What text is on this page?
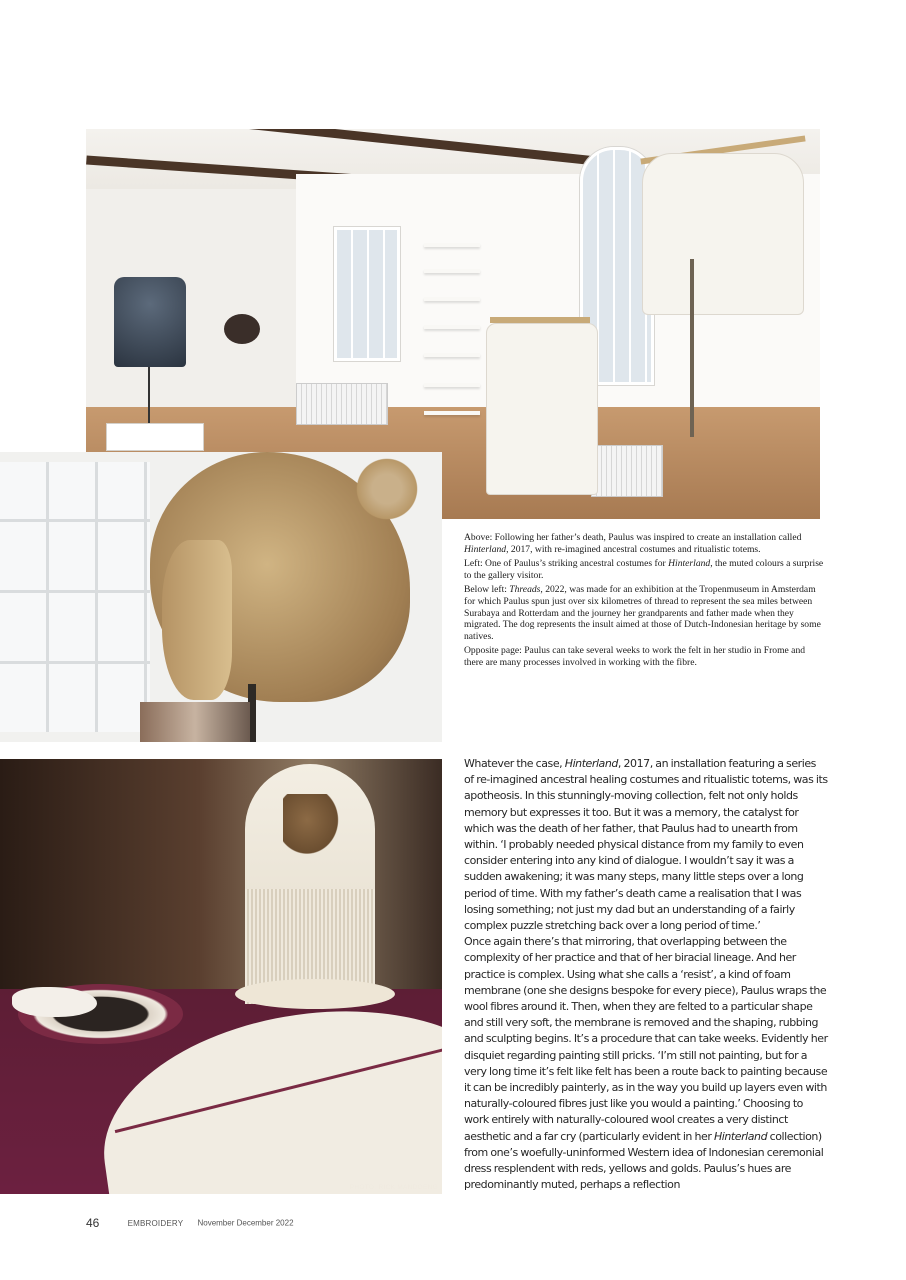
PHOTO: RICK MANDOENG

Above: Following her father’s death, Paulus was inspired to create an installation called Hinterland, 2017, with re-imagined ancestral costumes and ritualistic totems.

Left: One of Paulus’s striking ancestral costumes for Hinterland, the muted colours a surprise to the gallery visitor.

Below left: Threads, 2022, was made for an exhibition at the Tropenmuseum in Amsterdam for which Paulus spun just over six kilometres of thread to represent the sea miles between Surabaya and Rotterdam and the journey her grandparents and father made when they migrated. The dog represents the insult aimed at those of Dutch-Indonesian heritage by some natives.

Opposite page: Paulus can take several weeks to work the felt in her studio in Frome and there are many processes involved in working with the fibre.

Whatever the case, Hinterland, 2017, an installation featuring a series of re-imagined ancestral healing costumes and ritualistic totems, was its apotheosis. In this stunningly-moving collection, felt not only holds memory but expresses it too. But it was a memory, the catalyst for which was the death of her father, that Paulus had to unearth from within. ‘I probably needed physical distance from my family to even consider entering into any kind of dialogue. I wouldn’t say it was a sudden awakening; it was many steps, many little steps over a long period of time. With my father’s death came a realisation that I was losing something; not just my dad but an understanding of a fairly complex puzzle stretching back over a long period of time.’

Once again there’s that mirroring, that overlapping between the complexity of her practice and that of her biracial lineage. And her practice is complex. Using what she calls a ‘resist’, a kind of foam membrane (one she designs bespoke for every piece), Paulus wraps the wool fibres around it. Then, when they are felted to a particular shape and still very soft, the membrane is removed and the shaping, rubbing and sculpting begins. It’s a procedure that can take weeks. Evidently her disquiet regarding painting still pricks. ‘I’m still not painting, but for a very long time it’s felt like felt has been a route back to painting because it can be incredibly painterly, as in the way you build up layers even with naturally-coloured fibres just like you would a painting.’ Choosing to work entirely with naturally-coloured wool creates a very distinct aesthetic and a far cry (particularly evident in her Hinterland collection) from one’s woefully-uninformed Western idea of Indonesian ceremonial dress resplendent with reds, yellows and golds. Paulus’s hues are predominantly muted, perhaps a reflection

46	EMBROIDERY November December 2022
